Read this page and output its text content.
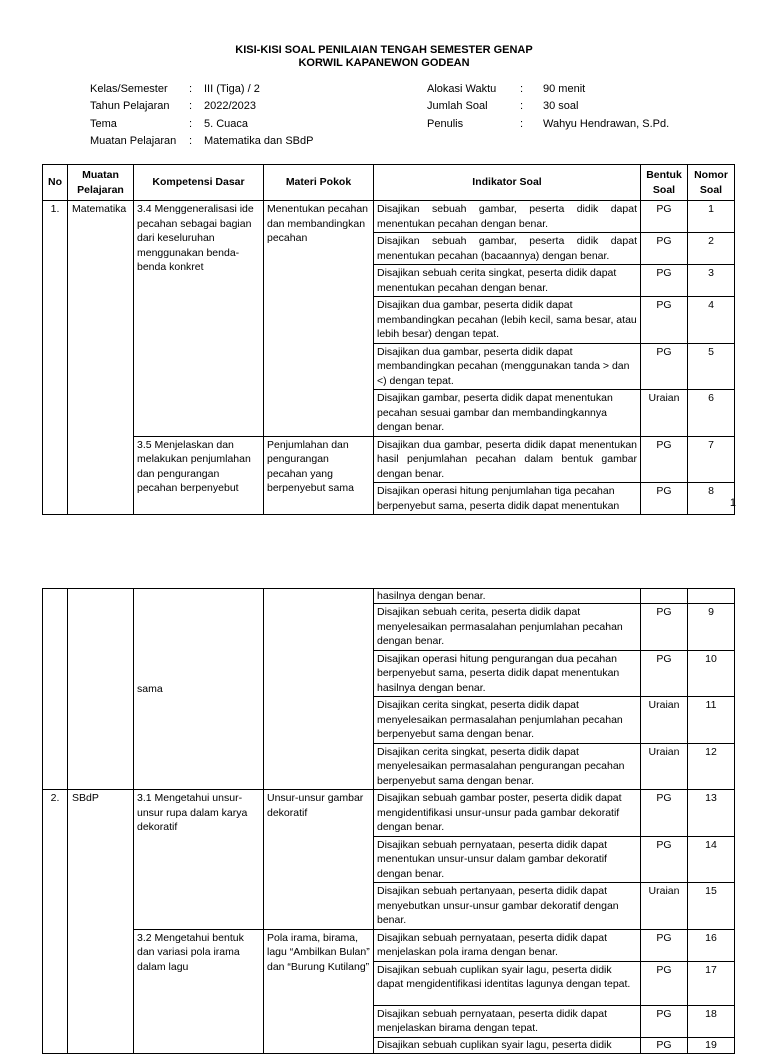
KISI-KISI SOAL PENILAIAN TENGAH SEMESTER GENAP
KORWIL KAPANEWON GODEAN
Kelas/Semester : III (Tiga) / 2
Tahun Pelajaran : 2022/2023
Tema	: 5. Cuaca
Muatan Pelajaran : Matematika dan SBdP
Alokasi Waktu : 90 menit
Jumlah Soal	: 30 soal
Penulis	: Wahyu Hendrawan, S.Pd.
No	Muatan Pelajaran	Kompetensi Dasar	Materi Pokok	Indikator Soal	Bentuk Soal	Nomor Soal
1.	Matematika	3.4 Menggeneralisasi ide pecahan sebagai bagian dari keseluruhan menggunakan benda-benda konkret	Menentukan pecahan dan membandingkan pecahan	Disajikan sebuah gambar, peserta didik dapat menentukan pecahan dengan benar.	PG	1
				Disajikan sebuah gambar, peserta didik dapat menentukan pecahan (bacaannya) dengan benar.	PG	2
				Disajikan sebuah cerita singkat, peserta didik dapat menentukan pecahan dengan benar.	PG	3
				Disajikan dua gambar, peserta didik dapat membandingkan pecahan (lebih kecil, sama besar, atau lebih besar) dengan tepat.	PG	4
				Disajikan dua gambar, peserta didik dapat membandingkan pecahan (menggunakan tanda > dan <) dengan tepat.	PG	5
				Disajikan gambar, peserta didik dapat menentukan pecahan sesuai gambar dan membandingkannya dengan benar.	Uraian	6
		3.5 Menjelaskan dan melakukan penjumlahan dan pengurangan pecahan berpenyebut	Penjumlahan dan pengurangan pecahan yang berpenyebut sama	Disajikan dua gambar, peserta didik dapat menentukan hasil penjumlahan pecahan dalam bentuk gambar dengan benar.	PG	7
				Disajikan operasi hitung penjumlahan tiga pecahan berpenyebut sama, peserta didik dapat menentukan	PG	8
1
		sama		hasilnya dengan benar.		
				Disajikan sebuah cerita, peserta didik dapat menyelesaikan permasalahan penjumlahan pecahan dengan benar.	PG	9
				Disajikan operasi hitung pengurangan dua pecahan berpenyebut sama, peserta didik dapat menentukan hasilnya dengan benar.	PG	10
				Disajikan cerita singkat, peserta didik dapat menyelesaikan permasalahan penjumlahan pecahan berpenyebut sama dengan benar.	Uraian	11
				Disajikan cerita singkat, peserta didik dapat menyelesaikan permasalahan pengurangan pecahan berpenyebut sama dengan benar.	Uraian	12
2.	SBdP	3.1 Mengetahui unsur-unsur rupa dalam karya dekoratif	Unsur-unsur gambar dekoratif	Disajikan sebuah gambar poster, peserta didik dapat mengidentifikasi unsur-unsur pada gambar dekoratif dengan benar.	PG	13
				Disajikan sebuah pernyataan, peserta didik dapat menentukan unsur-unsur dalam gambar dekoratif dengan benar.	PG	14
				Disajikan sebuah pertanyaan, peserta didik dapat menyebutkan unsur-unsur gambar dekoratif dengan benar.	Uraian	15
		3.2 Mengetahui bentuk dan variasi pola irama dalam lagu	Pola irama, birama, lagu “Ambilkan Bulan” dan “Burung Kutilang”	Disajikan sebuah pernyataan, peserta didik dapat menjelaskan pola irama dengan benar.	PG	16
				Disajikan sebuah cuplikan syair lagu, peserta didik dapat mengidentifikasi identitas lagunya dengan tepat.	PG	17
				Disajikan sebuah pernyataan, peserta didik dapat menjelaskan birama dengan tepat.	PG	18
				Disajikan sebuah cuplikan syair lagu, peserta didik	PG	19
